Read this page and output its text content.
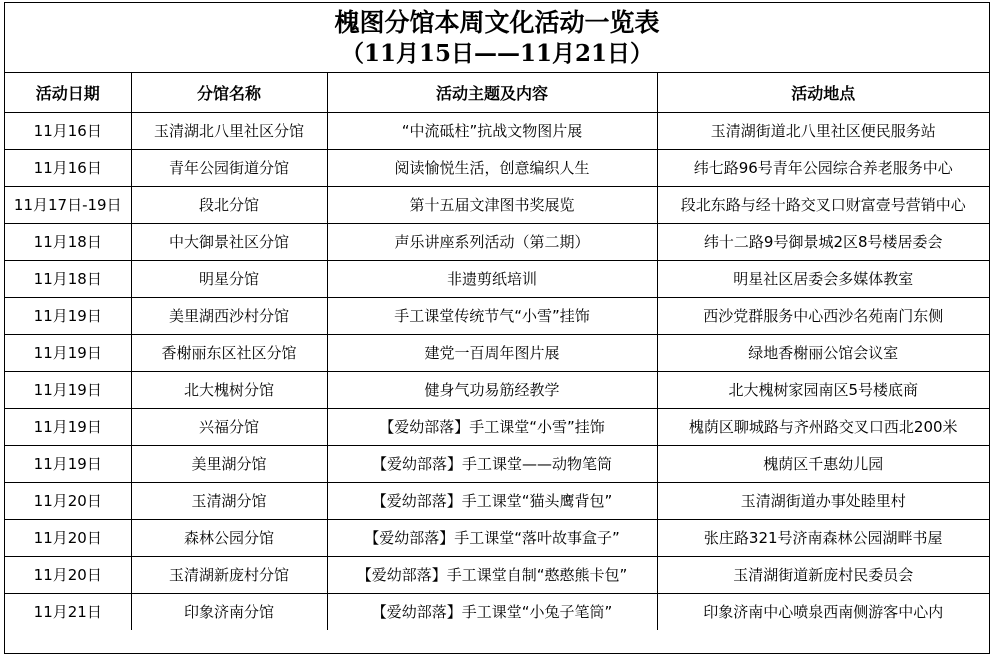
槐图分馆本周文化活动一览表
（11月15日——11月21日）
活动日期	分馆名称	活动主题及内容	活动地点
11月16日	玉清湖北八里社区分馆	“中流砥柱”抗战文物图片展	玉清湖街道北八里社区便民服务站
11月16日	青年公园街道分馆	阅读愉悦生活，创意编织人生	纬七路96号青年公园综合养老服务中心
11月17日-19日	段北分馆	第十五届文津图书奖展览	段北东路与经十路交叉口财富壹号营销中心
11月18日	中大御景社区分馆	声乐讲座系列活动（第二期）	纬十二路9号御景城2区8号楼居委会
11月18日	明星分馆	非遗剪纸培训	明星社区居委会多媒体教室
11月19日	美里湖西沙村分馆	手工课堂传统节气“小雪”挂饰	西沙党群服务中心西沙名苑南门东侧
11月19日	香榭丽东区社区分馆	建党一百周年图片展	绿地香榭丽公馆会议室
11月19日	北大槐树分馆	健身气功易筋经教学	北大槐树家园南区5号楼底商
11月19日	兴福分馆	【爱幼部落】手工课堂“小雪”挂饰	槐荫区聊城路与齐州路交叉口西北200米
11月19日	美里湖分馆	【爱幼部落】手工课堂——动物笔筒	槐荫区千惠幼儿园
11月20日	玉清湖分馆	【爱幼部落】手工课堂“猫头鹰背包”	玉清湖街道办事处睦里村
11月20日	森林公园分馆	【爱幼部落】手工课堂“落叶故事盒子”	张庄路321号济南森林公园湖畔书屋
11月20日	玉清湖新庞村分馆	【爱幼部落】手工课堂自制“憨憨熊卡包”	玉清湖街道新庞村民委员会
11月21日	印象济南分馆	【爱幼部落】手工课堂“小兔子笔筒”	印象济南中心喷泉西南侧游客中心内
